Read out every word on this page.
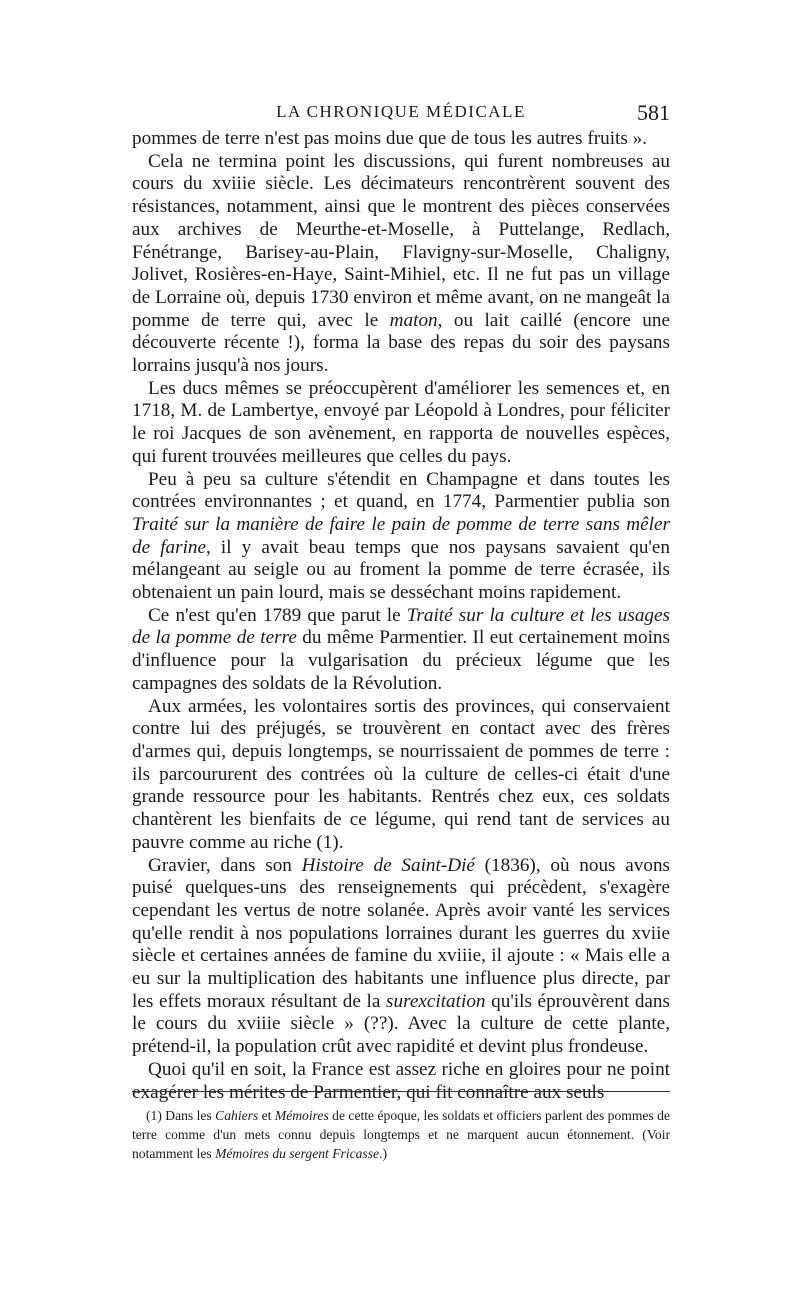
LA CHRONIQUE MÉDICALE	581

pommes de terre n'est pas moins due que de tous les autres fruits ».

Cela ne termina point les discussions, qui furent nombreuses au cours du xviiie siècle. Les décimateurs rencontrèrent souvent des résistances, notamment, ainsi que le montrent des pièces conservées aux archives de Meurthe-et-Moselle, à Puttelange, Redlach, Fénétrange, Barisey-au-Plain, Flavigny-sur-Moselle, Chaligny, Jolivet, Rosières-en-Haye, Saint-Mihiel, etc. Il ne fut pas un village de Lorraine où, depuis 1730 environ et même avant, on ne mangeât la pomme de terre qui, avec le maton, ou lait caillé (encore une découverte récente !), forma la base des repas du soir des paysans lorrains jusqu'à nos jours.

Les ducs mêmes se préoccupèrent d'améliorer les semences et, en 1718, M. de Lambertye, envoyé par Léopold à Londres, pour féliciter le roi Jacques de son avènement, en rapporta de nouvelles espèces, qui furent trouvées meilleures que celles du pays.

Peu à peu sa culture s'étendit en Champagne et dans toutes les contrées environnantes ; et quand, en 1774, Parmentier publia son Traité sur la manière de faire le pain de pomme de terre sans mêler de farine, il y avait beau temps que nos paysans savaient qu'en mélangeant au seigle ou au froment la pomme de terre écrasée, ils obtenaient un pain lourd, mais se desséchant moins rapidement.

Ce n'est qu'en 1789 que parut le Traité sur la culture et les usages de la pomme de terre du même Parmentier. Il eut certainement moins d'influence pour la vulgarisation du précieux légume que les campagnes des soldats de la Révolution.

Aux armées, les volontaires sortis des provinces, qui conservaient contre lui des préjugés, se trouvèrent en contact avec des frères d'armes qui, depuis longtemps, se nourrissaient de pommes de terre : ils parcoururent des contrées où la culture de celles-ci était d'une grande ressource pour les habitants. Rentrés chez eux, ces soldats chantèrent les bienfaits de ce légume, qui rend tant de services au pauvre comme au riche (1).

Gravier, dans son Histoire de Saint-Dié (1836), où nous avons puisé quelques-uns des renseignements qui précèdent, s'exagère cependant les vertus de notre solanée. Après avoir vanté les services qu'elle rendit à nos populations lorraines durant les guerres du xviie siècle et certaines années de famine du xviiie, il ajoute : « Mais elle a eu sur la multiplication des habitants une influence plus directe, par les effets moraux résultant de la surexcitation qu'ils éprouvèrent dans le cours du xviiie siècle » (??). Avec la culture de cette plante, prétend-il, la population crût avec rapidité et devint plus frondeuse.

Quoi qu'il en soit, la France est assez riche en gloires pour ne point exagérer les mérites de Parmentier, qui fit connaître aux seuls

(1) Dans les Cahiers et Mémoires de cette époque, les soldats et officiers parlent des pommes de terre comme d'un mets connu depuis longtemps et ne marquent aucun étonnement. (Voir notamment les Mémoires du sergent Fricasse.)
